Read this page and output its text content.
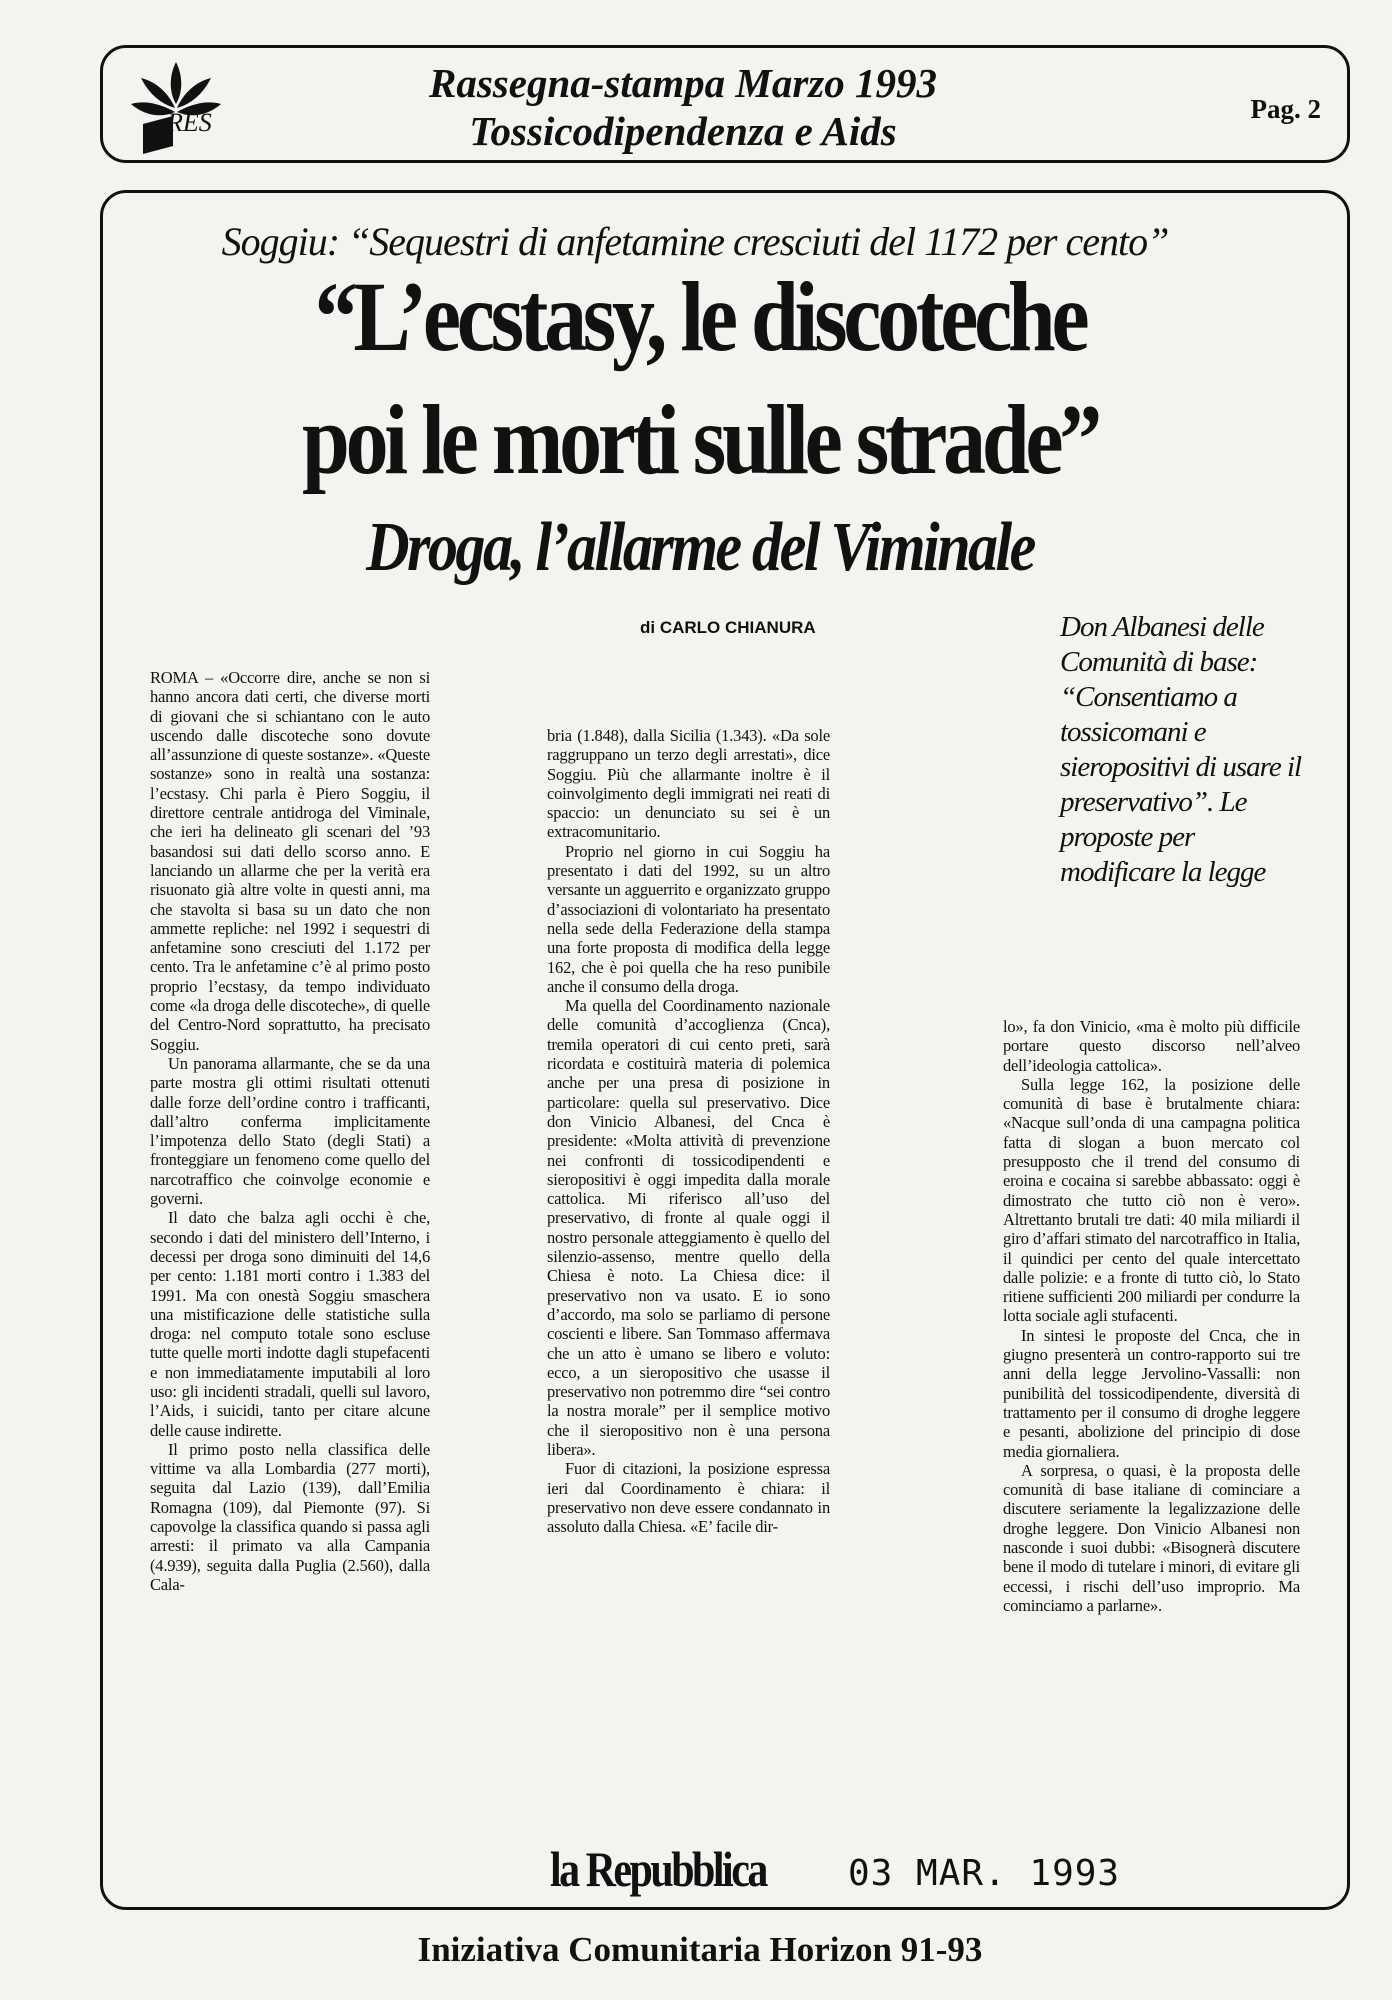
RES
Rassegna-stampa Marzo 1993
Tossicodipendenza e Aids	Pag. 2

Soggiu: “Sequestri di anfetamine cresciuti del 1172 per cento”
“L’ecstasy, le discoteche
poi le morti sulle strade”
Droga, l’allarme del Viminale
di CARLO CHIANURA	Don Albanesi delle Comunità di base: “Consentiamo a tossicomani e sieropositivi di usare il preservativo”. Le proposte per modificare la legge

ROMA – «Occorre dire, anche se non si hanno ancora dati certi, che diverse morti di giovani che si schiantano con le auto uscendo dalle discoteche sono dovute all’assunzione di queste sostanze». «Queste sostanze» sono in realtà una sostanza: l’ecstasy. Chi parla è Piero Soggiu, il direttore centrale antidroga del Viminale, che ieri ha delineato gli scenari del ’93 basandosi sui dati dello scorso anno. E lanciando un allarme che per la verità era risuonato già altre volte in questi anni, ma che stavolta si basa su un dato che non ammette repliche: nel 1992 i sequestri di anfetamine sono cresciuti del 1.172 per cento. Tra le anfetamine c’è al primo posto proprio l’ecstasy, da tempo individuato come «la droga delle discoteche», di quelle del Centro-Nord soprattutto, ha precisato Soggiu.

Un panorama allarmante, che se da una parte mostra gli ottimi risultati ottenuti dalle forze dell’ordine contro i trafficanti, dall’altro conferma implicitamente l’impotenza dello Stato (degli Stati) a fronteggiare un fenomeno come quello del narcotraffico che coinvolge economie e governi.

Il dato che balza agli occhi è che, secondo i dati del ministero dell’Interno, i decessi per droga sono diminuiti del 14,6 per cento: 1.181 morti contro i 1.383 del 1991. Ma con onestà Soggiu smaschera una mistificazione delle statistiche sulla droga: nel computo totale sono escluse tutte quelle morti indotte dagli stupefacenti e non immediatamente imputabili al loro uso: gli incidenti stradali, quelli sul lavoro, l’Aids, i suicidi, tanto per citare alcune delle cause indirette.

Il primo posto nella classifica delle vittime va alla Lombardia (277 morti), seguita dal Lazio (139), dall’Emilia Romagna (109), dal Piemonte (97). Si capovolge la classifica quando si passa agli arresti: il primato va alla Campania (4.939), seguita dalla Puglia (2.560), dalla Cala-

bria (1.848), dalla Sicilia (1.343). «Da sole raggruppano un terzo degli arrestati», dice Soggiu. Più che allarmante inoltre è il coinvolgimento degli immigrati nei reati di spaccio: un denunciato su sei è un extracomunitario.

Proprio nel giorno in cui Soggiu ha presentato i dati del 1992, su un altro versante un agguerrito e organizzato gruppo d’associazioni di volontariato ha presentato nella sede della Federazione della stampa una forte proposta di modifica della legge 162, che è poi quella che ha reso punibile anche il consumo della droga.

Ma quella del Coordinamento nazionale delle comunità d’accoglienza (Cnca), tremila operatori di cui cento preti, sarà ricordata e costituirà materia di polemica anche per una presa di posizione in particolare: quella sul preservativo. Dice don Vinicio Albanesi, del Cnca è presidente: «Molta attività di prevenzione nei confronti di tossicodipendenti e sieropositivi è oggi impedita dalla morale cattolica. Mi riferisco all’uso del preservativo, di fronte al quale oggi il nostro personale atteggiamento è quello del silenzio-assenso, mentre quello della Chiesa è noto. La Chiesa dice: il preservativo non va usato. E io sono d’accordo, ma solo se parliamo di persone coscienti e libere. San Tommaso affermava che un atto è umano se libero e voluto: ecco, a un sieropositivo che usasse il preservativo non potremmo dire “sei contro la nostra morale” per il semplice motivo che il sieropositivo non è una persona libera».

Fuor di citazioni, la posizione espressa ieri dal Coordinamento è chiara: il preservativo non deve essere condannato in assoluto dalla Chiesa. «E’ facile dir-

lo», fa don Vinicio, «ma è molto più difficile portare questo discorso nell’alveo dell’ideologia cattolica».

Sulla legge 162, la posizione delle comunità di base è brutalmente chiara: «Nacque sull’onda di una campagna politica fatta di slogan a buon mercato col presupposto che il trend del consumo di eroina e cocaina si sarebbe abbassato: oggi è dimostrato che tutto ciò non è vero». Altrettanto brutali tre dati: 40 mila miliardi il giro d’affari stimato del narcotraffico in Italia, il quindici per cento del quale intercettato dalle polizie: e a fronte di tutto ciò, lo Stato ritiene sufficienti 200 miliardi per condurre la lotta sociale agli stufacenti.

In sintesi le proposte del Cnca, che in giugno presenterà un contro-rapporto sui tre anni della legge Jervolino-Vassalli: non punibilità del tossicodipendente, diversità di trattamento per il consumo di droghe leggere e pesanti, abolizione del principio di dose media giornaliera.

A sorpresa, o quasi, è la proposta delle comunità di base italiane di cominciare a discutere seriamente la legalizzazione delle droghe leggere. Don Vinicio Albanesi non nasconde i suoi dubbi: «Bisognerà discutere bene il modo di tutelare i minori, di evitare gli eccessi, i rischi dell’uso improprio. Ma cominciamo a parlarne».

la Repubblica 03 MAR. 1993
Iniziativa Comunitaria Horizon 91-93
